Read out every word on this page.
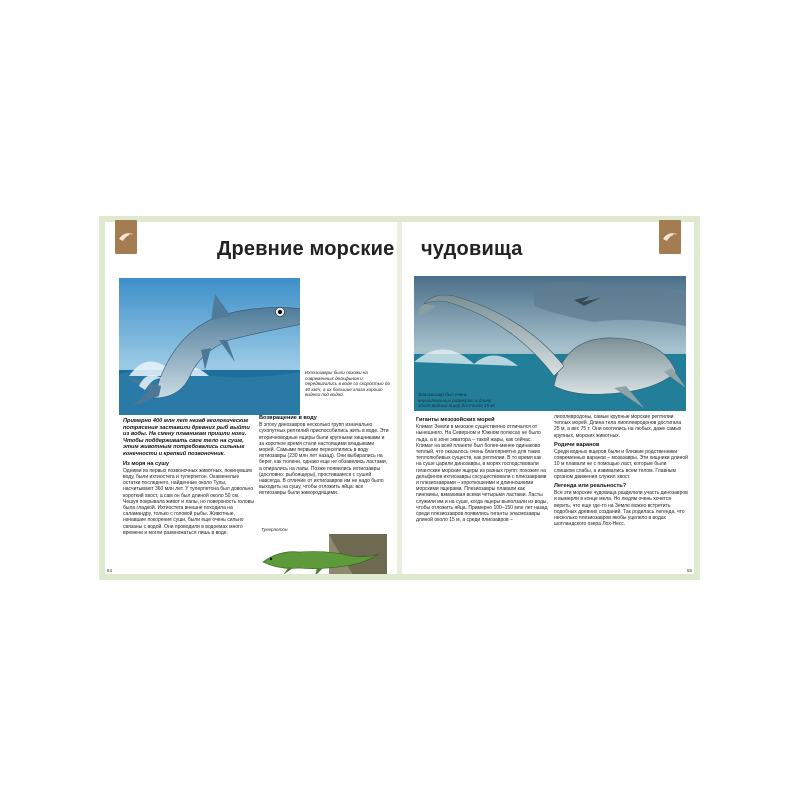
Ихтиозавры были похожи на современных дельфинов и передвигались в воде со скоростью до 40 км/ч, а их большие глаза хорошо видели под водой.

Примерно 400 млн лет назад геологические потрясения заставили древних рыб выйти из воды. На смену плавникам пришли ноги. Чтобы поддерживать свое тело на суше, этим животным потребовались сильные конечности и крепкий позвоночник.

Из моря на сушу

Одними из первых позвоночных животных, покинувших воду, были ихтиостега и тулерпетон. Окаменелые остатки последнего, найденные около Тулы, насчитывают 360 млн лет. У тулерпетона был довольно короткий хвост, а сам он был длиной около 50 см. Чешуя покрывала живот и лапы, но поверхность головы была гладкой. Ихтиостега внешне походила на саламандру, только с головой рыбы. Животные, начавшие покорение суши, были еще очень сильно связаны с водой. Они проводили в водоемах много времени и могли размножаться лишь в воде.

Возвращение в воду

В эпоху динозавров несколько групп изначально сухопутных рептилий приспособились жить в воде. Эти вторичноводные ящеры были крупными хищниками и за короткое время стали настоящими владыками морей. Самыми первыми переселились в воду ихтиозавры (230 млн лет назад). Они выбирались на берег, как тюлени, однако еще не обзавелись ластами, а опирались на лапы. Позже появились ихтиозавры (дословно: рыбоящеры), простившиеся с сушей навсегда. В отличие от ихтиозавров им не надо было выходить на сушу, чтобы отложить яйца: все ихтиозавры были живородящими.

Тулерпетон
54
Эласмозавр был очень внушительных размеров: в длину этот водный ящер достигал 15 м!
Гиганты мезозойских морей

Климат Земли в мезозое существенно отличался от нынешнего. На Северном и Южном полюсах не было льда, а в зоне экватора – такой жары, как сейчас. Климат на всей планете был более-менее одинаково теплый, что оказалось очень благоприятно для таких теплолюбивых существ, как рептилии. В то время как на суше царили динозавры, в морях господствовали гигантские морские ящеры из разных групп: похожие на дельфинов ихтиозавры сосуществовали с плиозаврами и плезиозаврами – короткошеими и длинношеими морскими ящерами. Плезиозавры плавали как пингвины, взмахивая всеми четырьмя ластами. Ласты служили им и на суше, когда ящеры выползали из воды, чтобы отложить яйца. Примерно 100–150 млн лет назад среди плезиозавров появились гиганты эласмозавры длиной около 15 м, а среди плиозавров –

лиоплевродоны, самые крупные морские рептилии теплых морей. Длина тела лиоплевродонов достигала 25 м, а вес 75 т. Они охотились на любых, даже самых крупных, морских животных.

Родичи варанов

Среди водных ящеров были и близкие родственники современных варанов – мозазавры. Эти хищники длиной 10 м плавали не с помощью ласт, которые были слишком слабы, а извивались всем телом. Главным органом движения служил хвост.

Легенда или реальность?

Все эти морские чудовища разделили участь динозавров и вымерли в конце мела. Но людям очень хочется верить, что еще где-то на Земле можно встретить подобных древних созданий. Так родилась легенда, что несколько плезиозавров якобы уцелело в водах шотландского озера Лох-Несс.

55
Древние морские чудовища
